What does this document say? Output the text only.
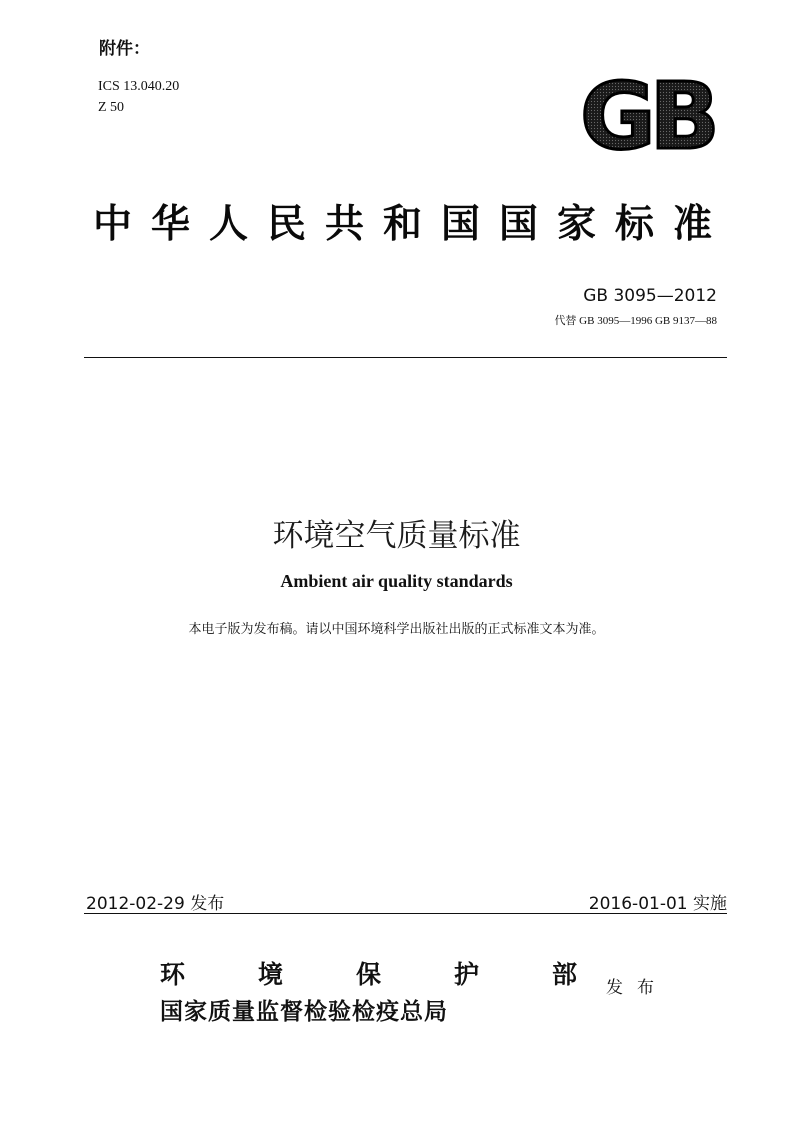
附件：
ICS 13.040.20
Z 50	GB
中华人民共和国国家标准
GB 3095—2012
代替 GB 3095—1996 GB 9137—88
环境空气质量标准
Ambient air quality standards
本电子版为发布稿。请以中国环境科学出版社出版的正式标准文本为准。
2012-02-29 发布	2016-01-01 实施
环	境	保	护	部
国家质量监督检验检疫总局
发布
